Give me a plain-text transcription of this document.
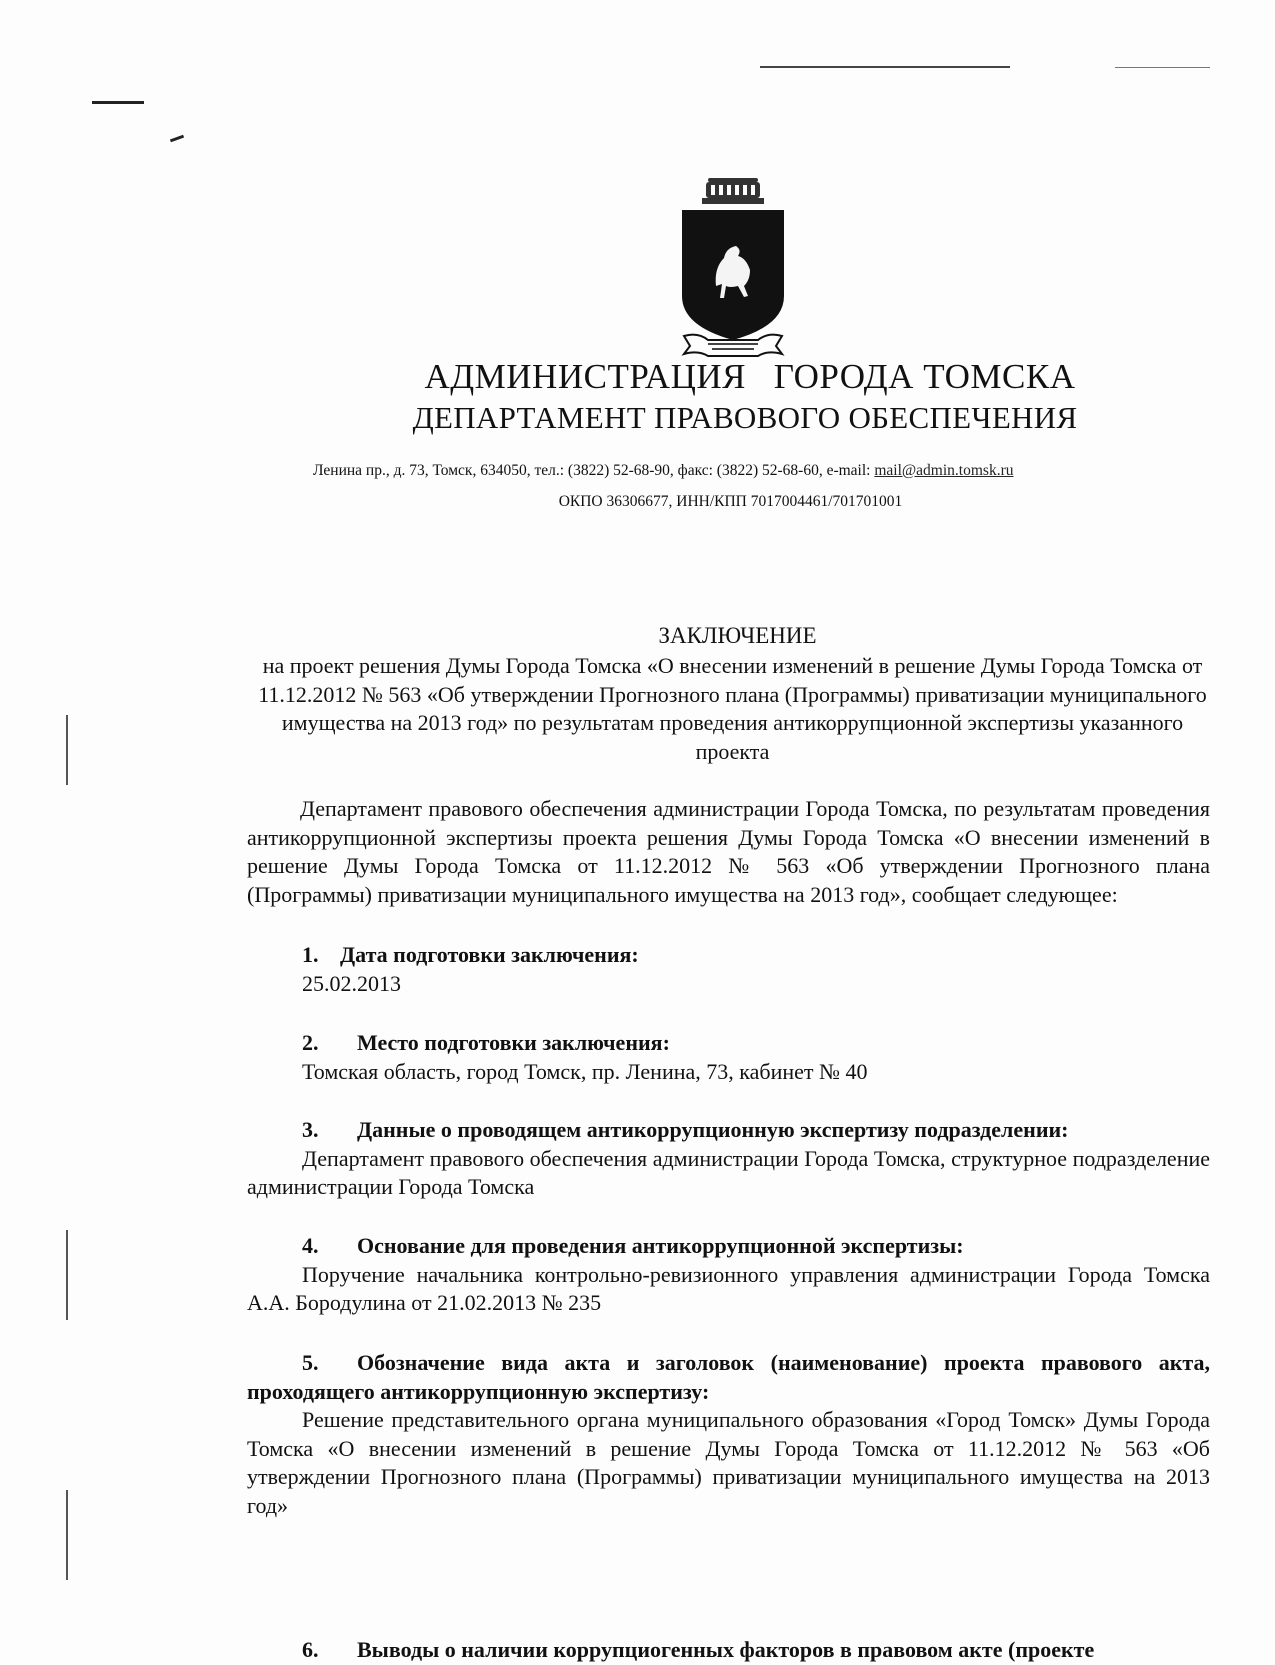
АДМИНИСТРАЦИЯ   ГОРОДА ТОМСКА
ДЕПАРТАМЕНТ ПРАВОВОГО ОБЕСПЕЧЕНИЯ
Ленина пр., д. 73, Томск, 634050, тел.: (3822) 52-68-90, факс: (3822) 52-68-60, e-mail: mail@admin.tomsk.ru
ОКПО 36306677, ИНН/КПП 7017004461/701701001
ЗАКЛЮЧЕНИЕ
на проект решения Думы Города Томска «О внесении изменений в решение Думы Города Томска от 11.12.2012 № 563 «Об утверждении Прогнозного плана (Программы) приватизации муниципального имущества на 2013 год» по результатам проведения антикоррупционной экспертизы указанного проекта
Департамент правового обеспечения администрации Города Томска, по результатам проведения антикоррупционной экспертизы проекта решения Думы Города Томска «О внесении изменений в решение Думы Города Томска от 11.12.2012 № 563 «Об утверждении Прогнозного плана (Программы) приватизации муниципального имущества на 2013 год», сообщает следующее:
1. Дата подготовки заключения:
25.02.2013
2. Место подготовки заключения:
Томская область, город Томск, пр. Ленина, 73, кабинет № 40
3. Данные о проводящем антикоррупционную экспертизу подразделении:
Департамент правового обеспечения администрации Города Томска, структурное подразделение администрации Города Томска
4. Основание для проведения антикоррупционной экспертизы:
Поручение начальника контрольно-ревизионного управления администрации Города Томска А.А. Бородулина от 21.02.2013 № 235
5. Обозначение вида акта и заголовок (наименование) проекта правового акта, проходящего антикоррупционную экспертизу:
Решение представительного органа муниципального образования «Город Томск» Думы Города Томска «О внесении изменений в решение Думы Города Томска от 11.12.2012 № 563 «Об утверждении Прогнозного плана (Программы) приватизации муниципального имущества на 2013 год»
6. Выводы о наличии коррупциогенных факторов в правовом акте (проекте
